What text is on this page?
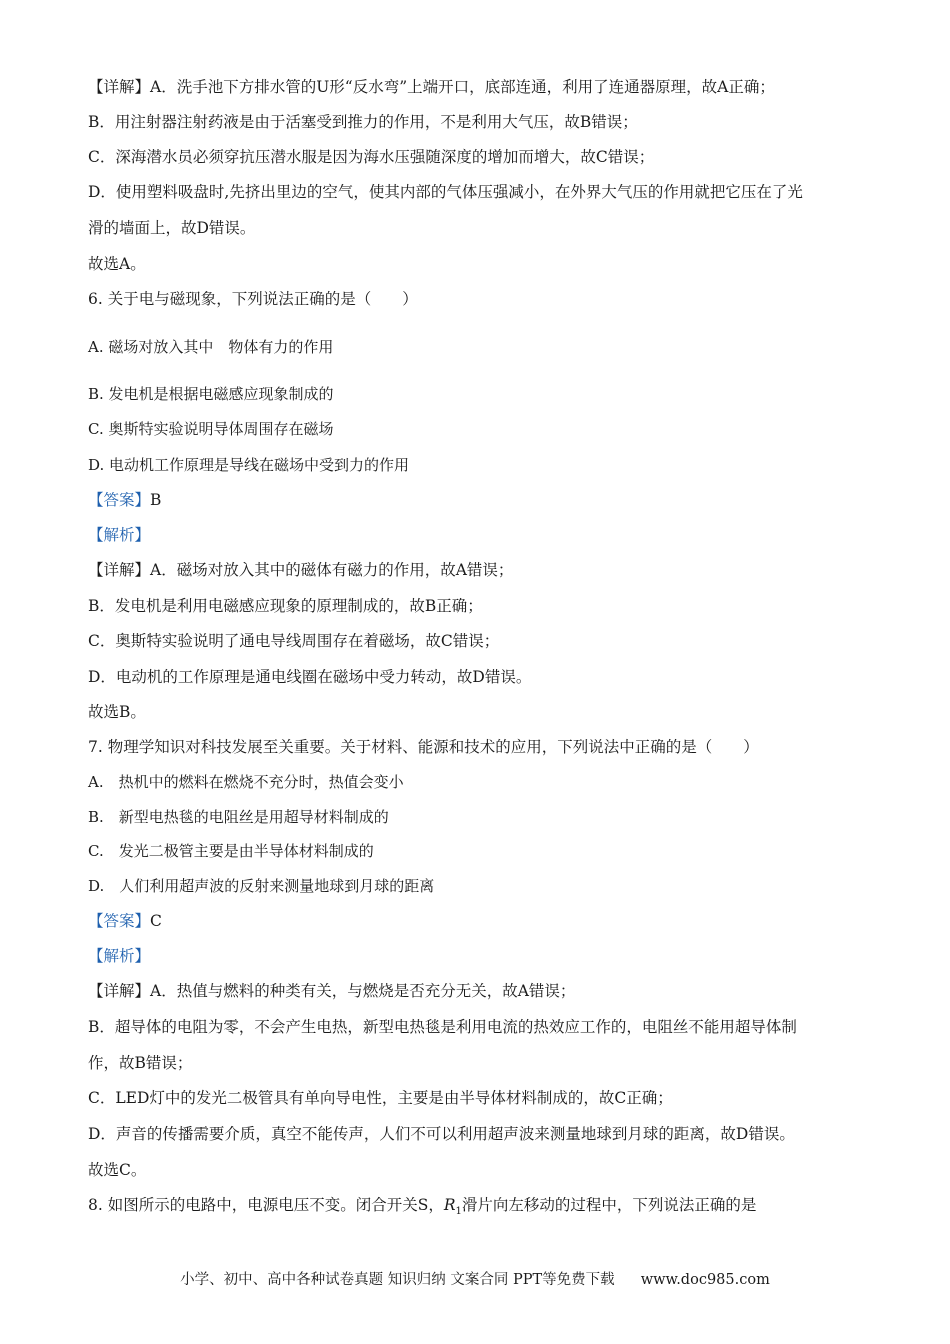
【详解】A．洗手池下方排水管的U形“反水弯”上端开口，底部连通，利用了连通器原理，故A正确；
B．用注射器注射药液是由于活塞受到推力的作用，不是利用大气压，故B错误；
C．深海潜水员必须穿抗压潜水服是因为海水压强随深度的增加而增大，故C错误；
D．使用塑料吸盘时,先挤出里边的空气，使其内部的气体压强减小，在外界大气压的作用就把它压在了光
滑的墙面上，故D错误。
故选A。
6. 关于电与磁现象，下列说法正确的是（　　）
A. 磁场对放入其中　物体有力的作用
B. 发电机是根据电磁感应现象制成的
C. 奥斯特实验说明导体周围存在磁场
D. 电动机工作原理是导线在磁场中受到力的作用
【答案】B
【解析】
【详解】A．磁场对放入其中的磁体有磁力的作用，故A错误；
B．发电机是利用电磁感应现象的原理制成的，故B正确；
C．奥斯特实验说明了通电导线周围存在着磁场，故C错误；
D．电动机的工作原理是通电线圈在磁场中受力转动，故D错误。
故选B。
7. 物理学知识对科技发展至关重要。关于材料、能源和技术的应用，下列说法中正确的是（　　）
A.　热机中的燃料在燃烧不充分时，热值会变小
B.　新型电热毯的电阻丝是用超导材料制成的
C.　发光二极管主要是由半导体材料制成的
D.　人们利用超声波的反射来测量地球到月球的距离
【答案】C
【解析】
【详解】A．热值与燃料的种类有关，与燃烧是否充分无关，故A错误；
B．超导体的电阻为零，不会产生电热，新型电热毯是利用电流的热效应工作的，电阻丝不能用超导体制
作，故B错误；
C．LED灯中的发光二极管具有单向导电性，主要是由半导体材料制成的，故C正确；
D．声音的传播需要介质，真空不能传声，人们不可以利用超声波来测量地球到月球的距离，故D错误。
故选C。
8. 如图所示的电路中，电源电压不变。闭合开关S，$R_1$滑片向左移动的过程中，下列说法正确的是
小学、初中、高中各种试卷真题 知识归纳 文案合同 PPT等免费下载 www.doc985.com
